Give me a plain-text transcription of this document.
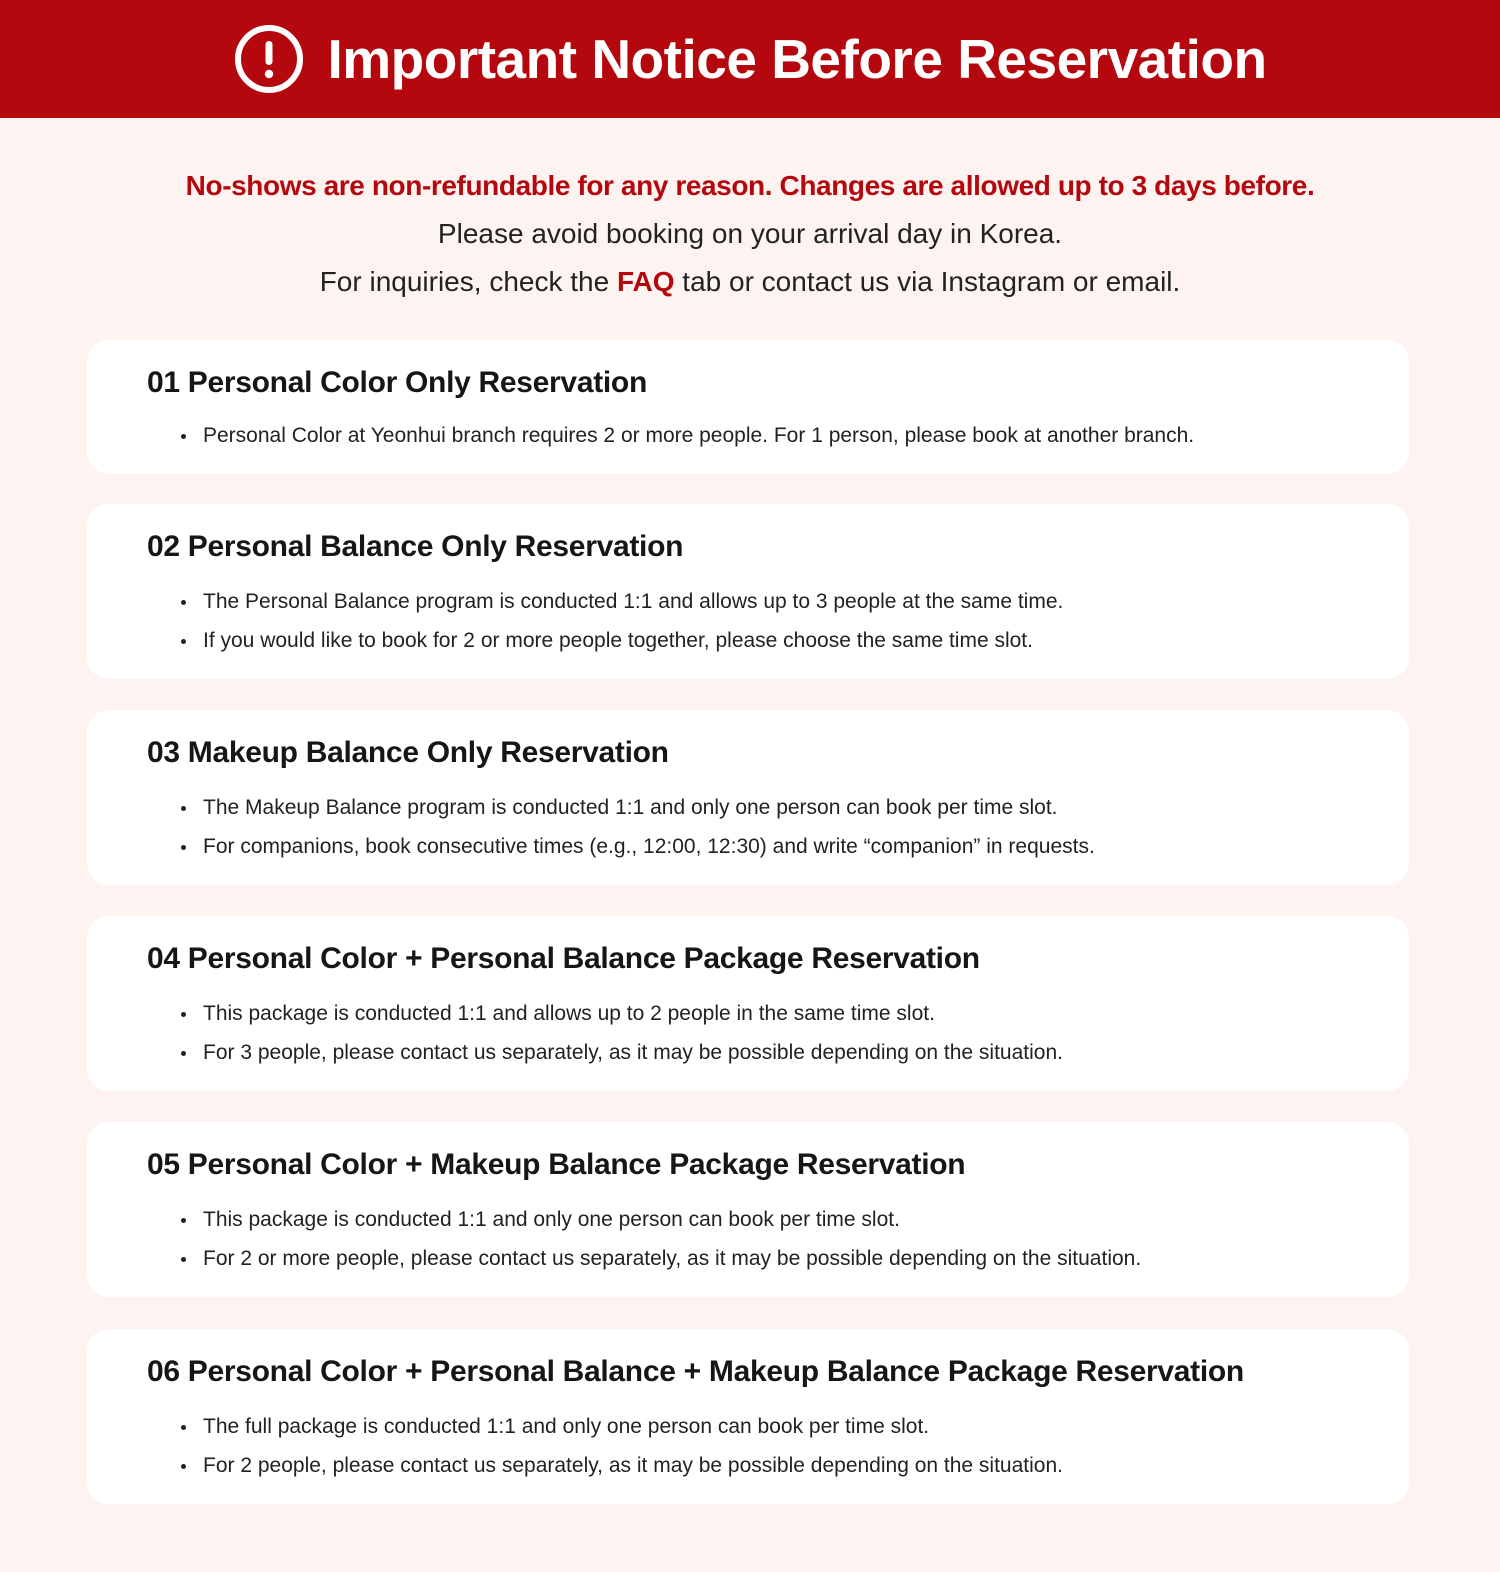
Important Notice Before Reservation
No-shows are non-refundable for any reason. Changes are allowed up to 3 days before.
Please avoid booking on your arrival day in Korea.
For inquiries, check the FAQ tab or contact us via Instagram or email.
01 Personal Color Only Reservation
Personal Color at Yeonhui branch requires 2 or more people. For 1 person, please book at another branch.
02 Personal Balance Only Reservation
The Personal Balance program is conducted 1:1 and allows up to 3 people at the same time.
If you would like to book for 2 or more people together, please choose the same time slot.
03 Makeup Balance Only Reservation
The Makeup Balance program is conducted 1:1 and only one person can book per time slot.
For companions, book consecutive times (e.g., 12:00, 12:30) and write “companion” in requests.
04 Personal Color + Personal Balance Package Reservation
This package is conducted 1:1 and allows up to 2 people in the same time slot.
For 3 people, please contact us separately, as it may be possible depending on the situation.
05 Personal Color + Makeup Balance Package Reservation
This package is conducted 1:1 and only one person can book per time slot.
For 2 or more people, please contact us separately, as it may be possible depending on the situation.
06 Personal Color + Personal Balance + Makeup Balance Package Reservation
The full package is conducted 1:1 and only one person can book per time slot.
For 2 people, please contact us separately, as it may be possible depending on the situation.
